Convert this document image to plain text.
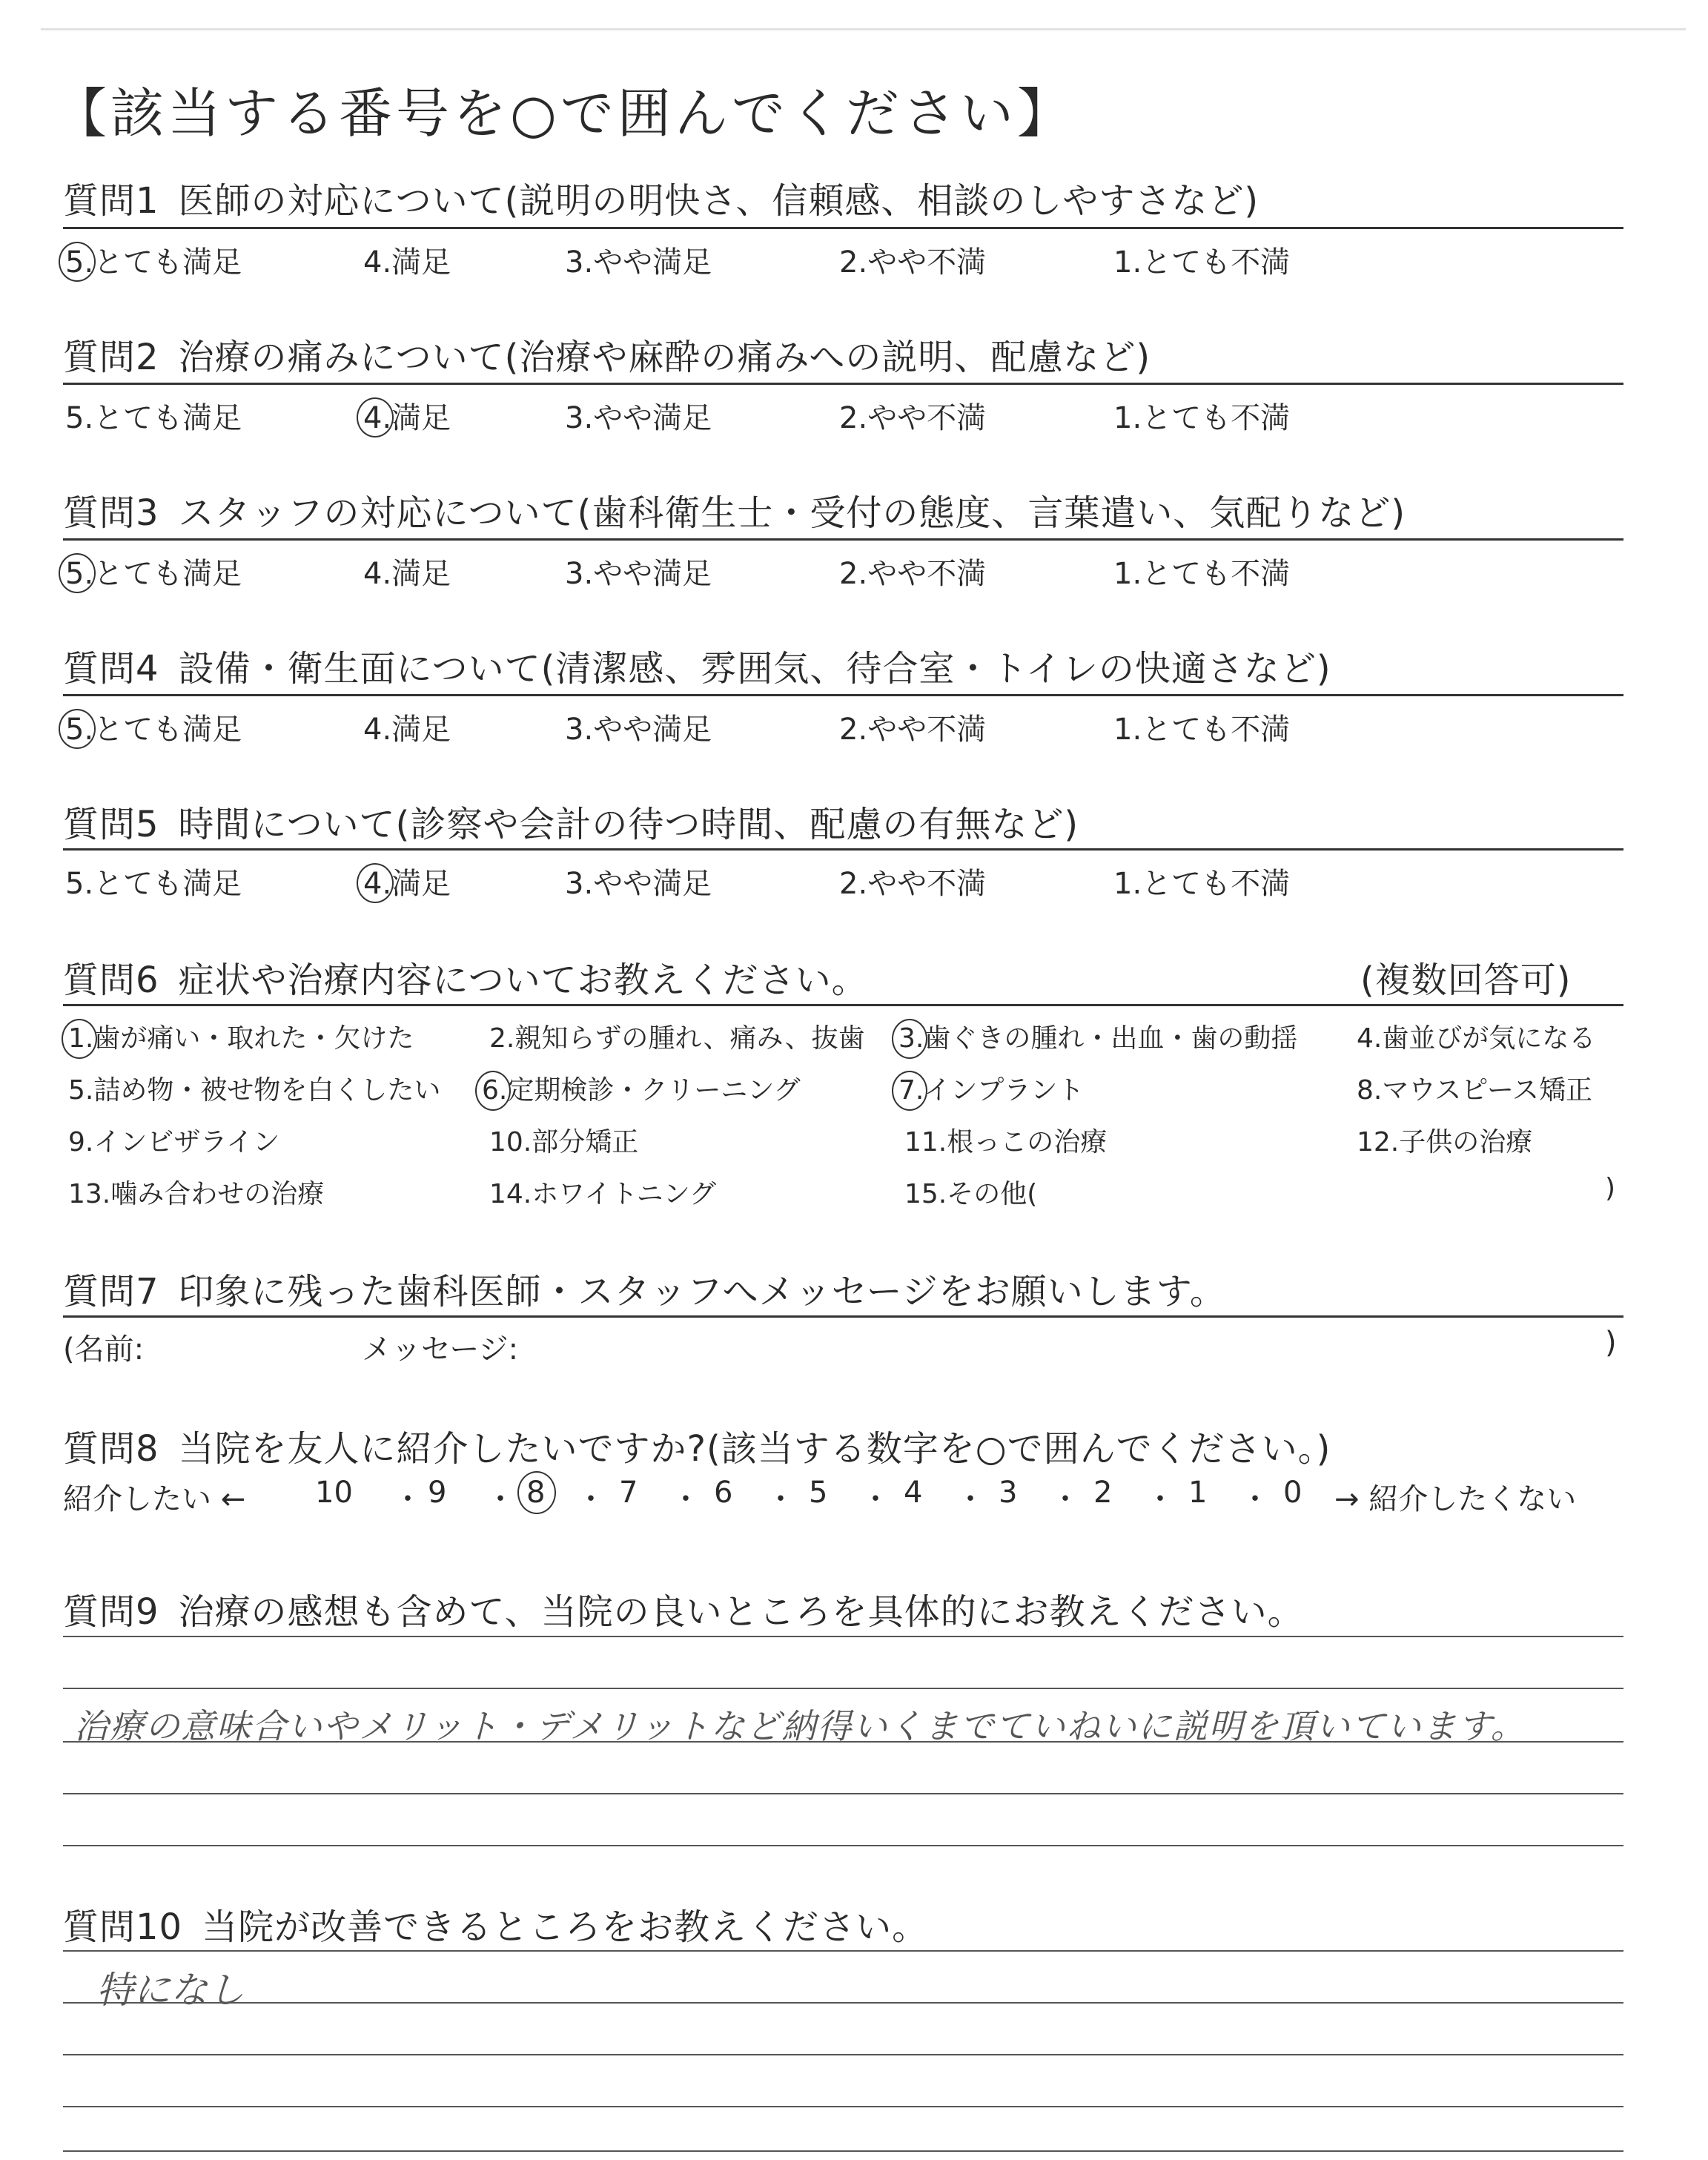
【該当する番号を○で囲んでください】
質問1 医師の対応について(説明の明快さ、信頼感、相談のしやすさなど)
5.とても満足	4.満足	3.やや満足	2.やや不満	1.とても不満
質問2 治療の痛みについて(治療や麻酔の痛みへの説明、配慮など)
5.とても満足	4.満足	3.やや満足	2.やや不満	1.とても不満
質問3 スタッフの対応について(歯科衛生士・受付の態度、言葉遣い、気配りなど)
5.とても満足	4.満足	3.やや満足	2.やや不満	1.とても不満
質問4 設備・衛生面について(清潔感、雰囲気、待合室・トイレの快適さなど)
5.とても満足	4.満足	3.やや満足	2.やや不満	1.とても不満
質問5 時間について(診察や会計の待つ時間、配慮の有無など)
5.とても満足	4.満足	3.やや満足	2.やや不満	1.とても不満
質問6 症状や治療内容についてお教えください。	(複数回答可)
1.歯が痛い・取れた・欠けた	2.親知らずの腫れ、痛み、抜歯 3.歯ぐきの腫れ・出血・歯の動揺 4.歯並びが気になる
5.詰め物・被せ物を白くしたい 6.定期検診・クリーニング	7.インプラント	8.マウスピース矯正
9.インビザライン	10.部分矯正	11.根っこの治療	12.子供の治療
13.噛み合わせの治療	14.ホワイトニング	15.その他(	)
質問7 印象に残った歯科医師・スタッフへメッセージをお願いします。
(名前:	メッセージ:	)
質問8 当院を友人に紹介したいですか?(該当する数字を○で囲んでください。)
紹介したい ← 10 ・ 9 ・ 8 ・ 7 ・ 6 ・ 5 ・ 4 ・ 3 ・ 2 ・ 1 ・ 0 → 紹介したくない
質問9 治療の感想も含めて、当院の良いところを具体的にお教えください。
治療の意味合いやメリット・デメリットなど納得いくまでていねいに説明を頂いています。
質問10 当院が改善できるところをお教えください。
特になし
